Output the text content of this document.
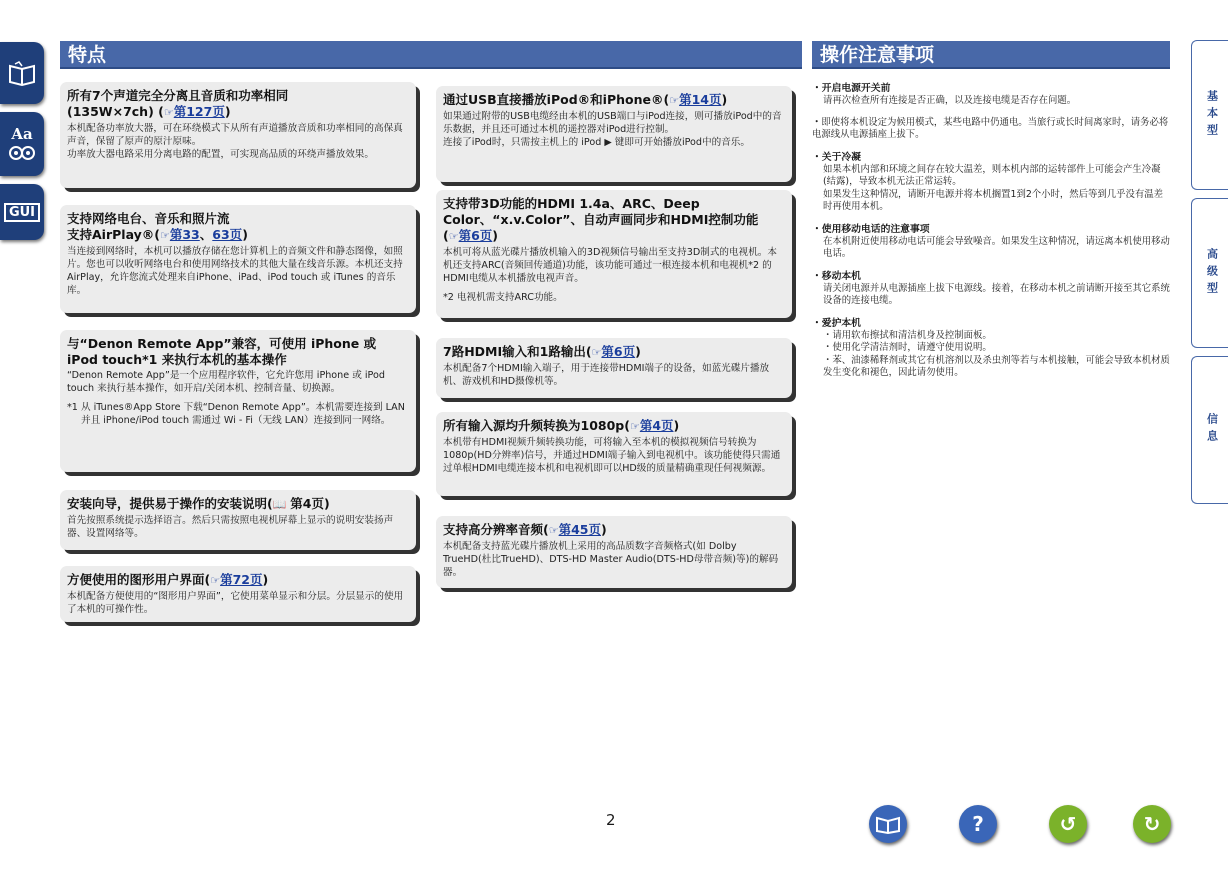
Aa
GUI
特点
所有7个声道完全分离且音质和功率相同
(135W×7ch) (☞第127页)

本机配备功率放大器，可在环绕模式下从所有声道播放音质和功率相同的高保真声音，保留了原声的原汁原味。
功率放大器电路采用分离电路的配置，可实现高品质的环绕声播放效果。

支持网络电台、音乐和照片流
支持AirPlay®(☞第33、63页)

当连接到网络时，本机可以播放存储在您计算机上的音频文件和静态图像，如照片。您也可以收听网络电台和使用网络技术的其他大量在线音乐源。本机还支持 AirPlay，允许您流式处理来自iPhone、iPad、iPod touch 或 iTunes 的音乐库。

与“Denon Remote App”兼容，可使用 iPhone 或 iPod touch*1 来执行本机的基本操作

“Denon Remote App”是一个应用程序软件，它允许您用 iPhone 或 iPod touch 来执行基本操作，如开启/关闭本机、控制音量、切换源。

*1 从 iTunes®App Store 下载“Denon Remote App”。本机需要连接到 LAN 并且 iPhone/iPod touch 需通过 Wi - Fi（无线 LAN）连接到同一网络。

安装向导，提供易于操作的安装说明(📖 第4页)

首先按照系统提示选择语言。然后只需按照电视机屏幕上显示的说明安装扬声器、设置网络等。

方便使用的图形用户界面(☞第72页)

本机配备方便使用的“图形用户界面”，它使用菜单显示和分层。分层显示的使用了本机的可操作性。

通过USB直接播放iPod®和iPhone®(☞第14页)

如果通过附带的USB电缆经由本机的USB端口与iPod连接，则可播放iPod中的音乐数据，并且还可通过本机的遥控器对iPod进行控制。
连接了iPod时，只需按主机上的 iPod ▶ 键即可开始播放iPod中的音乐。

支持带3D功能的HDMI 1.4a、ARC、Deep Color、“x.v.Color”、自动声画同步和HDMI控制功能
(☞第6页)

本机可将从蓝光碟片播放机输入的3D视频信号输出至支持3D制式的电视机。本机还支持ARC(音频回传通道)功能，该功能可通过一根连接本机和电视机*2 的HDMI电缆从本机播放电视声音。

*2 电视机需支持ARC功能。

7路HDMI输入和1路输出(☞第6页)

本机配备7个HDMI输入端子，用于连接带HDMI端子的设备，如蓝光碟片播放机、游戏机和HD摄像机等。

所有输入源均升频转换为1080p(☞第4页)

本机带有HDMI视频升频转换功能，可将输入至本机的模拟视频信号转换为1080p(HD分辨率)信号，并通过HDMI端子输入到电视机中。该功能使得只需通过单根HDMI电缆连接本机和电视机即可以HD级的质量精确重现任何视频源。

支持高分辨率音频(☞第45页)

本机配备支持蓝光碟片播放机上采用的高品质数字音频格式(如 Dolby TrueHD(杜比TrueHD)、DTS-HD Master Audio(DTS-HD母带音频)等)的解码器。

操作注意事项
・开启电源开关前
请再次检查所有连接是否正确，以及连接电缆是否存在问题。
・即使将本机设定为候用模式，某些电路中仍通电。当旅行或长时间离家时，请务必将电源线从电源插座上拔下。
・关于冷凝
如果本机内部和环境之间存在较大温差，则本机内部的运转部件上可能会产生冷凝(结露)，导致本机无法正常运转。
如果发生这种情况，请断开电源并将本机搁置1到2个小时，然后等到几乎没有温差时再使用本机。
・使用移动电话的注意事项
在本机附近使用移动电话可能会导致噪音。如果发生这种情况，请远离本机使用移动电话。
・移动本机
请关闭电源并从电源插座上拔下电源线。接着，在移动本机之前请断开接至其它系统设备的连接电缆。
・爱护本机
・请用软布擦拭和清洁机身及控制面板。
・使用化学清洁剂时，请遵守使用说明。
・苯、油漆稀释剂或其它有机溶剂以及杀虫剂等若与本机接触，可能会导致本机材质发生变化和褪色，因此请勿使用。
基本型
高级型
信息
2	?	↺	↻
